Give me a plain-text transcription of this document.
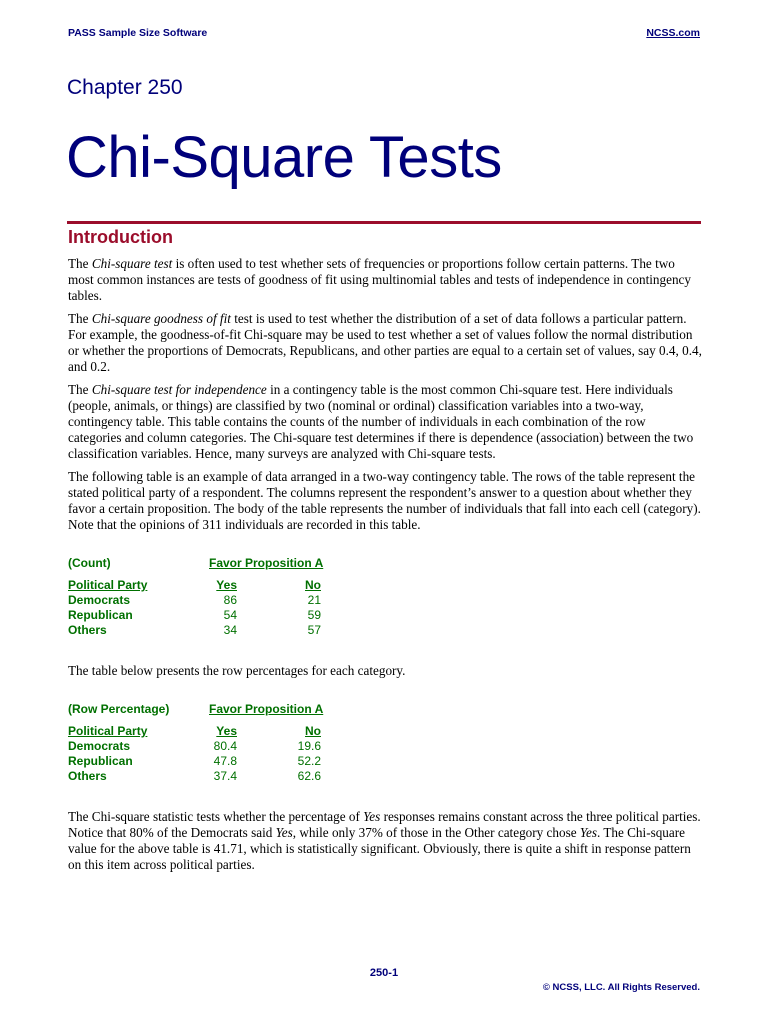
PASS Sample Size Software	NCSS.com
Chapter 250
Chi-Square Tests
Introduction

The Chi-square test is often used to test whether sets of frequencies or proportions follow certain patterns. The two most common instances are tests of goodness of fit using multinomial tables and tests of independence in contingency tables.

The Chi-square goodness of fit test is used to test whether the distribution of a set of data follows a particular pattern. For example, the goodness-of-fit Chi-square may be used to test whether a set of values follow the normal distribution or whether the proportions of Democrats, Republicans, and other parties are equal to a certain set of values, say 0.4, 0.4, and 0.2.

The Chi-square test for independence in a contingency table is the most common Chi-square test. Here individuals (people, animals, or things) are classified by two (nominal or ordinal) classification variables into a two-way, contingency table. This table contains the counts of the number of individuals in each combination of the row categories and column categories. The Chi-square test determines if there is dependence (association) between the two classification variables. Hence, many surveys are analyzed with Chi-square tests.

The following table is an example of data arranged in a two-way contingency table. The rows of the table represent the stated political party of a respondent. The columns represent the respondent’s answer to a question about whether they favor a certain proposition. The body of the table represents the number of individuals that fall into each cell (category). Note that the opinions of 311 individuals are recorded in this table.

(Count)	Favor Proposition A
Political Party	Yes	No
Democrats	86	21
Republican	54	59
Others	34	57

The table below presents the row percentages for each category.

(Row Percentage)	Favor Proposition A
Political Party	Yes	No
Democrats	80.4	19.6
Republican	47.8	52.2
Others	37.4	62.6

The Chi-square statistic tests whether the percentage of Yes responses remains constant across the three political parties. Notice that 80% of the Democrats said Yes, while only 37% of those in the Other category chose Yes. The Chi-square value for the above table is 41.71, which is statistically significant. Obviously, there is quite a shift in response pattern on this item across political parties.

250-1
© NCSS, LLC. All Rights Reserved.
